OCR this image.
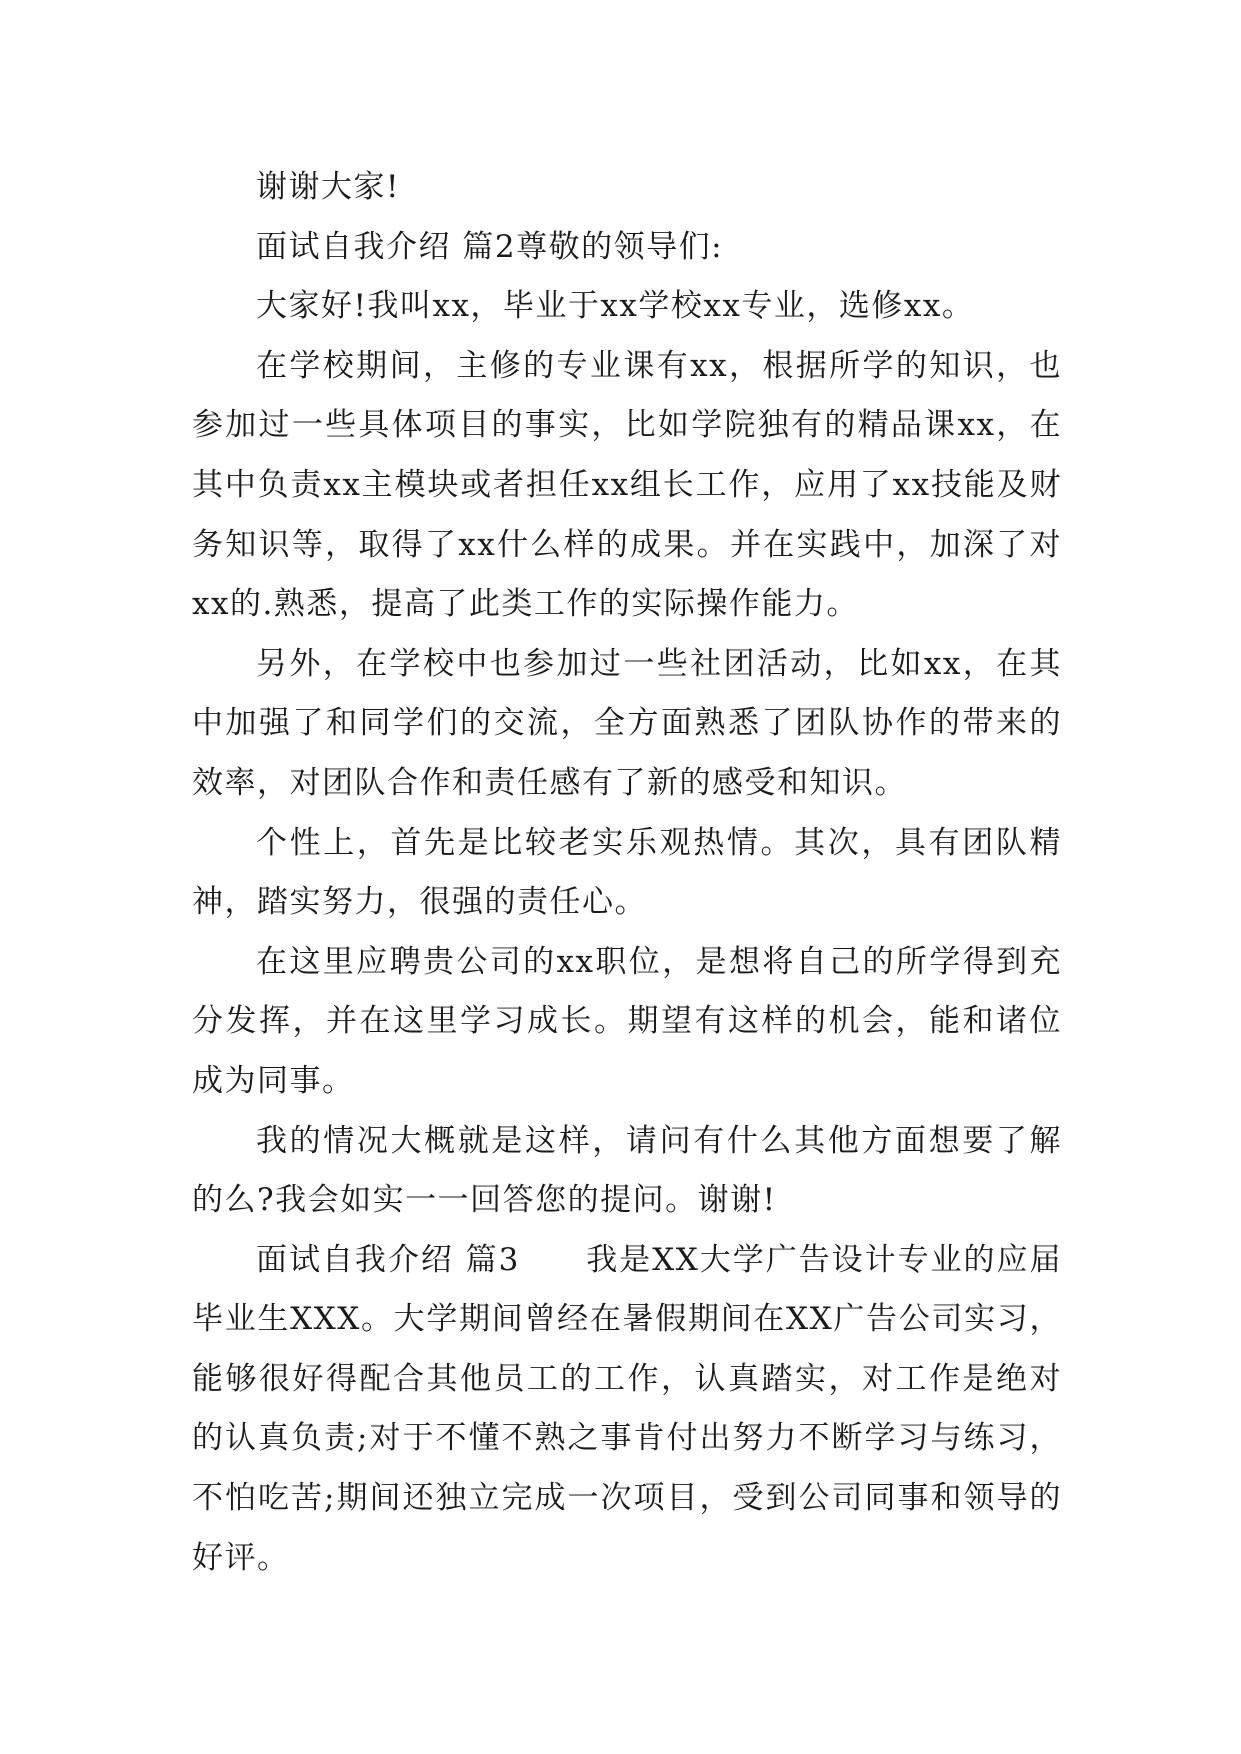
谢谢大家!

面试自我介绍 篇2尊敬的领导们:

大家好!我叫xx，毕业于xx学校xx专业，选修xx。

在学校期间，主修的专业课有xx，根据所学的知识，也参加过一些具体项目的事实，比如学院独有的精品课xx，在其中负责xx主模块或者担任xx组长工作，应用了xx技能及财务知识等，取得了xx什么样的成果。并在实践中，加深了对xx的.熟悉，提高了此类工作的实际操作能力。

另外，在学校中也参加过一些社团活动，比如xx，在其中加强了和同学们的交流，全方面熟悉了团队协作的带来的效率，对团队合作和责任感有了新的感受和知识。

个性上，首先是比较老实乐观热情。其次，具有团队精神，踏实努力，很强的责任心。

在这里应聘贵公司的xx职位，是想将自己的所学得到充分发挥，并在这里学习成长。期望有这样的机会，能和诸位成为同事。

我的情况大概就是这样，请问有什么其他方面想要了解的么?我会如实一一回答您的提问。谢谢!

面试自我介绍 篇3　　我是XX大学广告设计专业的应届毕业生XXX。大学期间曾经在暑假期间在XX广告公司实习，能够很好得配合其他员工的工作，认真踏实，对工作是绝对的认真负责;对于不懂不熟之事肯付出努力不断学习与练习，不怕吃苦;期间还独立完成一次项目，受到公司同事和领导的好评。
